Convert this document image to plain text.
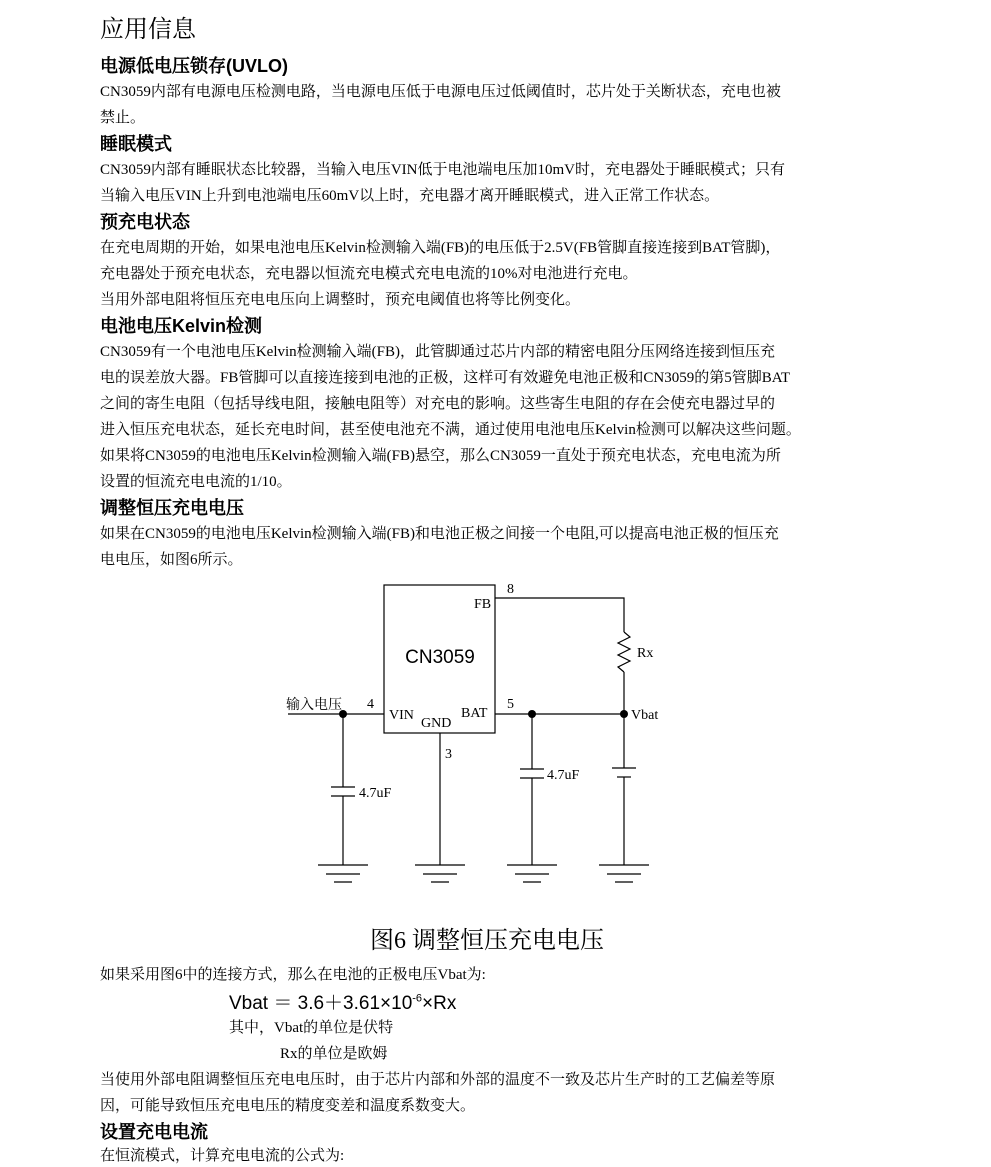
应用信息
电源低电压锁存(UVLO)
CN3059内部有电源电压检测电路，当电源电压低于电源电压过低阈值时，芯片处于关断状态，充电也被
禁止。
睡眠模式
CN3059内部有睡眠状态比较器，当输入电压VIN低于电池端电压加10mV时，充电器处于睡眠模式；只有
当输入电压VIN上升到电池端电压60mV以上时，充电器才离开睡眠模式，进入正常工作状态。
预充电状态
在充电周期的开始，如果电池电压Kelvin检测输入端(FB)的电压低于2.5V(FB管脚直接连接到BAT管脚)，
充电器处于预充电状态，充电器以恒流充电模式充电电流的10%对电池进行充电。
当用外部电阻将恒压充电电压向上调整时，预充电阈值也将等比例变化。
电池电压Kelvin检测
CN3059有一个电池电压Kelvin检测输入端(FB)，此管脚通过芯片内部的精密电阻分压网络连接到恒压充
电的误差放大器。FB管脚可以直接连接到电池的正极，这样可有效避免电池正极和CN3059的第5管脚BAT
之间的寄生电阻（包括导线电阻，接触电阻等）对充电的影响。这些寄生电阻的存在会使充电器过早的
进入恒压充电状态，延长充电时间，甚至使电池充不满，通过使用电池电压Kelvin检测可以解决这些问题。
如果将CN3059的电池电压Kelvin检测输入端(FB)悬空，那么CN3059一直处于预充电状态，充电电流为所
设置的恒流充电电流的1/10。
调整恒压充电电压
如果在CN3059的电池电压Kelvin检测输入端(FB)和电池正极之间接一个电阻,可以提高电池正极的恒压充
电电压，如图6所示。
CN3059
FB
8
VIN
4
GND
3
BAT
5
输入电压
4.7uF
4.7uF
Rx
Vbat
图6 调整恒压充电电压
如果采用图6中的连接方式，那么在电池的正极电压Vbat为:
Vbat ＝ $3.6+3.61\times 10^{-6}\times Rx$
其中，Vbat的单位是伏特
Rx的单位是欧姆
当使用外部电阻调整恒压充电电压时，由于芯片内部和外部的温度不一致及芯片生产时的工艺偏差等原
因，可能导致恒压充电电压的精度变差和温度系数变大。
设置充电电流
在恒流模式，计算充电电流的公式为:
